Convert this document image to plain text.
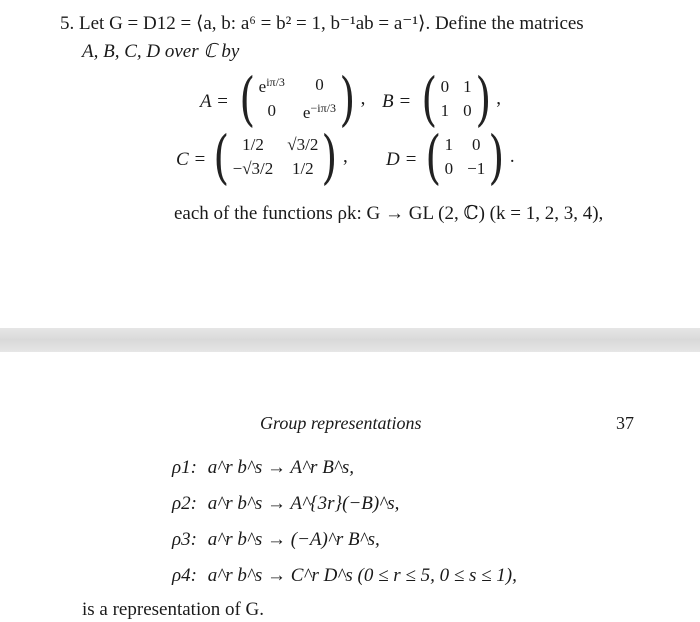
5. Let G = D12 = ⟨a, b: a⁶ = b² = 1, b⁻¹ab = a⁻¹⟩. Define the matrices
A, B, C, D over ℂ by
A = ( $e^{i\pi/3}$	0
0	$e^{-i\pi/3}$ ) , B = ( 0 1
1 0 ) ,
C = ( 1/2	√3/2
−√3/2 1/2 ) , D = ( 1 0
0 −1 ) .
each of the functions ρk: G → GL (2, ℂ) (k = 1, 2, 3, 4),
Group representations	37
ρ1: a^r b^s → A^r B^s,
ρ2: a^r b^s → A^{3r}(−B)^s,
ρ3: a^r b^s → (−A)^r B^s,
ρ4: a^r b^s → C^r D^s (0 ≤ r ≤ 5, 0 ≤ s ≤ 1),
is a representation of G.
